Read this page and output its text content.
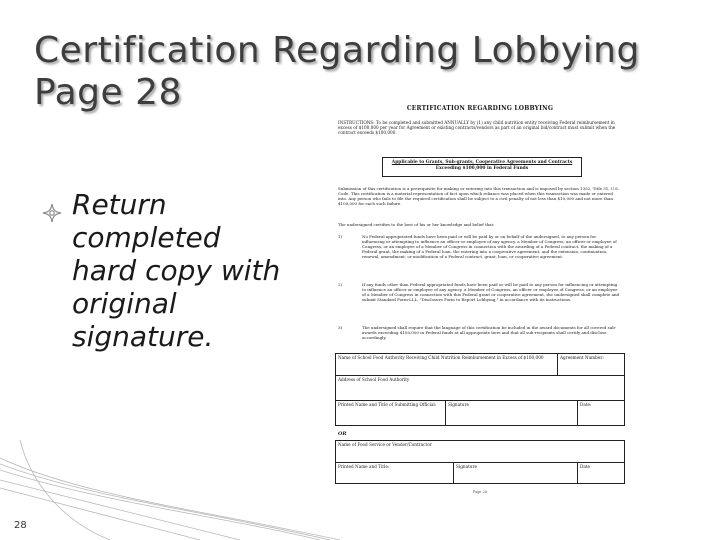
Certification Regarding Lobbying
Page 28
Return
completed
hard copy with
original
signature.
28
CERTIFICATION REGARDING LOBBYING
INSTRUCTIONS: To be completed and submitted ANNUALLY by (1) any child nutrition entity receiving Federal reimbursement in excess of $100,000 per year for Agreement or existing contracts/vendors as part of an original bid/contract must submit when the contract exceeds $100,000.
Applicable to Grants, Sub-grants, Cooperative Agreements and Contracts
Exceeding $100,000 in Federal Funds
Submission of this certification is a prerequisite for making or entering into this transaction and is imposed by section 1352, Title 31, U.S. Code. This certification is a material representation of fact upon which reliance was placed when this transaction was made or entered into. Any person who fails to file the required certification shall be subject to a civil penalty of not less than $10,000 and not more than $100,000 for each such failure.
The undersigned certifies to the best of his or her knowledge and belief that:
1)	No Federal appropriated funds have been paid or will be paid by or on behalf of the undersigned, to any person for influencing or attempting to influence an officer or employee of any agency, a Member of Congress, an officer or employee of Congress, or an employee of a Member of Congress in connection with the awarding of a Federal contract, the making of a Federal grant, the making of a Federal loan, the entering into a cooperative agreement, and the extension, continuation, renewal, amendment, or modification of a Federal contract, grant, loan, or cooperative agreement.
2)	If any funds other than Federal appropriated funds have been paid or will be paid to any person for influencing or attempting to influence an officer or employee of any agency, a Member of Congress, an officer or employee of Congress, or an employee of a Member of Congress in connection with this Federal grant or cooperative agreement, the undersigned shall complete and submit Standard Form-LLL, "Disclosure Form to Report Lobbying," in accordance with its instructions.
3)	The undersigned shall require that the language of this certification be included in the award documents for all covered sub-awards exceeding $100,000 in Federal funds at all appropriate tiers and that all sub-recipients shall certify and disclose accordingly.
Name of School Food Authority Receiving Child Nutrition Reimbursement in Excess of $100,000	Agreement Number:
Address of School Food Authority
Printed Name and Title of Submitting Official:	Signature	Date:
OR
Name of Food Service or Vendor/Contractor
Printed Name and Title:	Signature	Date
Page 28
